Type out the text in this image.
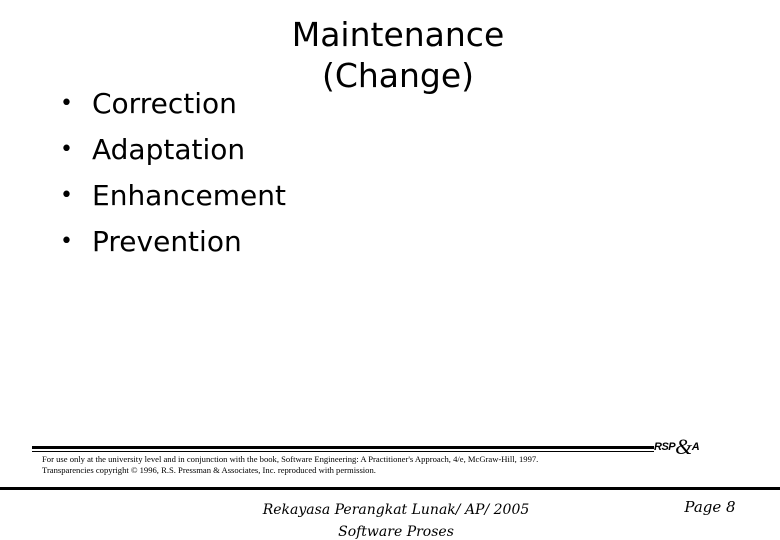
Maintenance
(Change)
• Correction
• Adaptation
• Enhancement
• Prevention
RSP&A
For use only at the university level and in conjunction with the book, Software Engineering: A Practitioner's Approach, 4/e, McGraw-Hill, 1997.
Transparencies copyright © 1996, R.S. Pressman & Associates, Inc. reproduced with permission.
Rekayasa Perangkat Lunak/ AP/ 2005
Software Proses
Page 8
